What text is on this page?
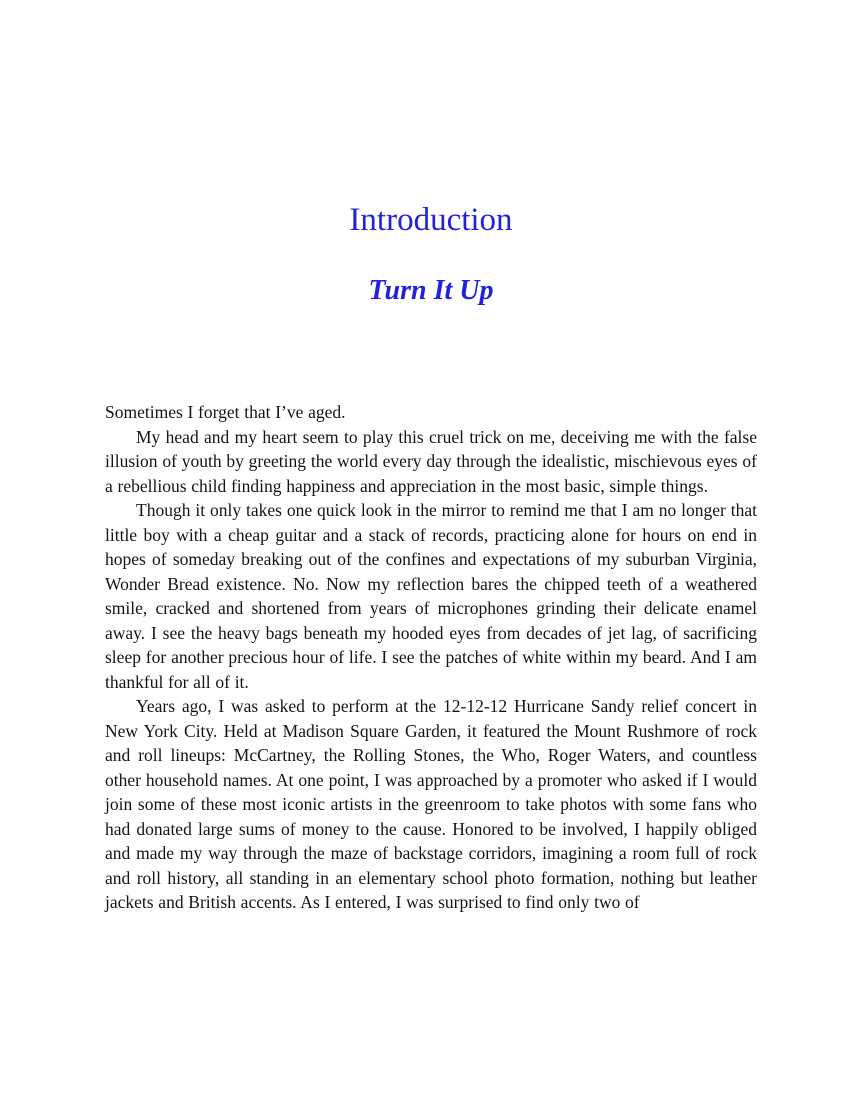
Introduction
Turn It Up

Sometimes I forget that I’ve aged.

My head and my heart seem to play this cruel trick on me, deceiving me with the false illusion of youth by greeting the world every day through the idealistic, mischievous eyes of a rebellious child finding happiness and appreciation in the most basic, simple things.

Though it only takes one quick look in the mirror to remind me that I am no longer that little boy with a cheap guitar and a stack of records, practicing alone for hours on end in hopes of someday breaking out of the confines and expectations of my suburban Virginia, Wonder Bread existence. No. Now my reflection bares the chipped teeth of a weathered smile, cracked and shortened from years of microphones grinding their delicate enamel away. I see the heavy bags beneath my hooded eyes from decades of jet lag, of sacrificing sleep for another precious hour of life. I see the patches of white within my beard. And I am thankful for all of it.

Years ago, I was asked to perform at the 12-12-12 Hurricane Sandy relief concert in New York City. Held at Madison Square Garden, it featured the Mount Rushmore of rock and roll lineups: McCartney, the Rolling Stones, the Who, Roger Waters, and countless other household names. At one point, I was approached by a promoter who asked if I would join some of these most iconic artists in the greenroom to take photos with some fans who had donated large sums of money to the cause. Honored to be involved, I happily obliged and made my way through the maze of backstage corridors, imagining a room full of rock and roll history, all standing in an elementary school photo formation, nothing but leather jackets and British accents. As I entered, I was surprised to find only two of
